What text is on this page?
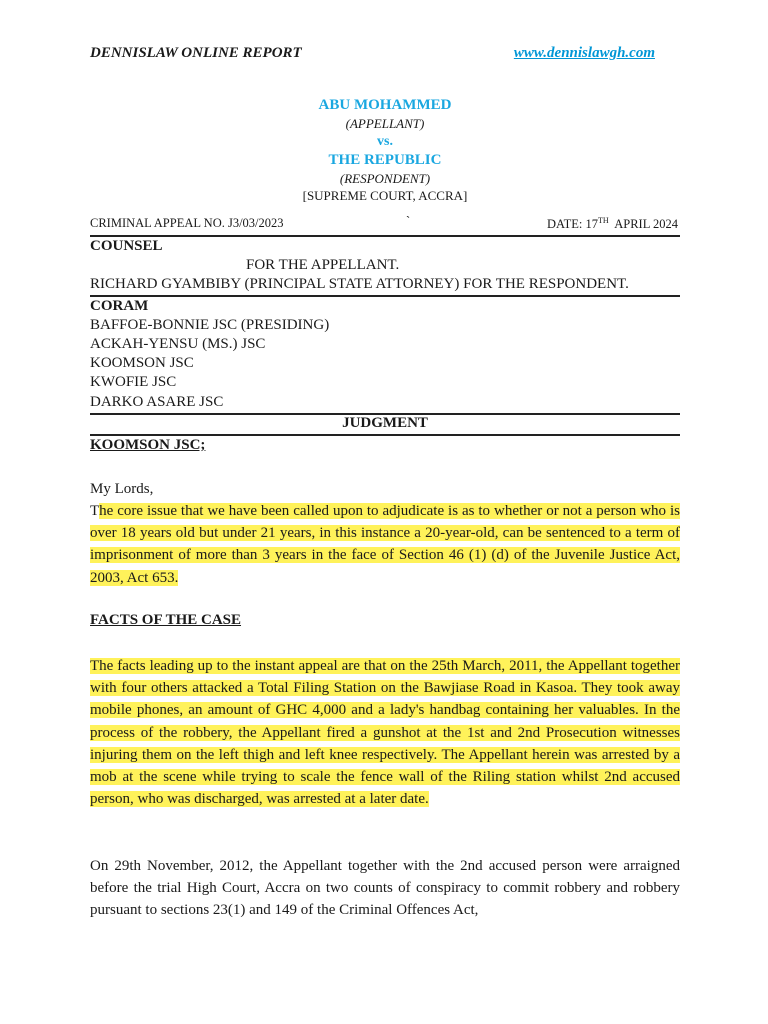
DENNISLAW ONLINE REPORT	www.dennislawgh.com
ABU MOHAMMED
(APPELLANT)
vs.
THE REPUBLIC
(RESPONDENT)
[SUPREME COURT, ACCRA]
CRIMINAL APPEAL NO. J3/03/2023	`	DATE: 17TH  APRIL 2024
COUNSEL
FOR THE APPELLANT.
RICHARD GYAMBIBY (PRINCIPAL STATE ATTORNEY) FOR THE RESPONDENT.
CORAM
BAFFOE-BONNIE JSC (PRESIDING)
ACKAH-YENSU (MS.) JSC
KOOMSON JSC
KWOFIE JSC
DARKO ASARE JSC
JUDGMENT
KOOMSON JSC;
My Lords,
The core issue that we have been called upon to adjudicate is as to whether or not a person who is over 18 years old but under 21 years, in this instance a 20-year-old, can be sentenced to a term of imprisonment of more than 3 years in the face of Section 46 (1) (d) of the Juvenile Justice Act, 2003, Act 653.
FACTS OF THE CASE
The facts leading up to the instant appeal are that on the 25th March, 2011, the Appellant together with four others attacked a Total Filing Station on the Bawjiase Road in Kasoa. They took away mobile phones, an amount of GHC 4,000 and a lady's handbag containing her valuables. In the process of the robbery, the Appellant fired a gunshot at the 1st and 2nd Prosecution witnesses injuring them on the left thigh and left knee respectively. The Appellant herein was arrested by a mob at the scene while trying to scale the fence wall of the Riling station whilst 2nd accused person, who was discharged, was arrested at a later date.
On 29th November, 2012, the Appellant together with the 2nd accused person were arraigned before the trial High Court, Accra on two counts of conspiracy to commit robbery and robbery pursuant to sections 23(1) and 149 of the Criminal Offences Act,
